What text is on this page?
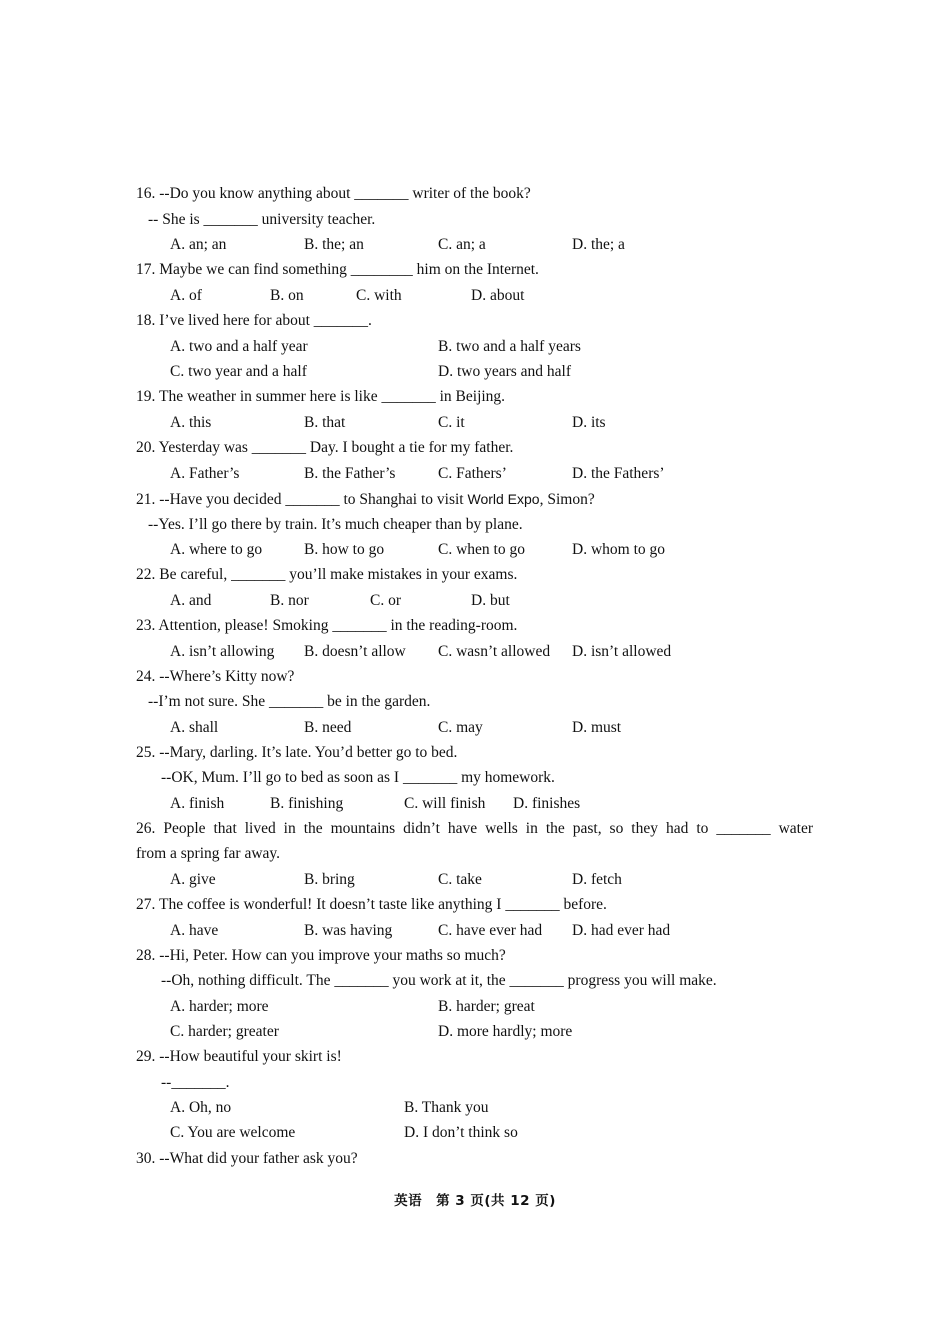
16. --Do you know anything about _______ writer of the book?
-- She is _______ university teacher.
A. an; an	B. the; an	C. an; a	D. the; a
17. Maybe we can find something ________ him on the Internet.
A. of	B. on	C. with	D. about
18. I’ve lived here for about _______.
A. two and a half year	B. two and a half years
C. two year and a half	D. two years and half
19. The weather in summer here is like _______ in Beijing.
A. this	B. that	C. it	D. its
20. Yesterday was _______ Day. I bought a tie for my father.
A. Father’s	B. the Father’s	C. Fathers’	D. the Fathers’
21. --Have you decided _______ to Shanghai to visit World Expo, Simon?
--Yes. I’ll go there by train. It’s much cheaper than by plane.
A. where to go	B. how to go	C. when to go	D. whom to go
22. Be careful, _______ you’ll make mistakes in your exams.
A. and	B. nor	C. or	D. but
23. Attention, please! Smoking _______ in the reading-room.
A. isn’t allowing B. doesn’t allow C. wasn’t allowed D. isn’t allowed
24. --Where’s Kitty now?
--I’m not sure. She _______ be in the garden.
A. shall	B. need	C. may	D. must
25. --Mary, darling. It’s late. You’d better go to bed.
--OK, Mum. I’ll go to bed as soon as I _______ my homework.
A. finish	B. finishing	C. will finish D. finishes
26. People that lived in the mountains didn’t have wells in the past, so they had to _______ water
from a spring far away.
A. give	B. bring	C. take	D. fetch
27. The coffee is wonderful! It doesn’t taste like anything I _______ before.
A. have	B. was having	C. have ever had D. had ever had
28. --Hi, Peter. How can you improve your maths so much?
--Oh, nothing difficult. The _______ you work at it, the _______ progress you will make.
A. harder; more	B. harder; great
C. harder; greater	D. more hardly; more
29. --How beautiful your skirt is!
--_______.
A. Oh, no	B. Thank you
C. You are welcome	D. I don’t think so
30. --What did your father ask you?
英语　第 3 页(共 12 页)
